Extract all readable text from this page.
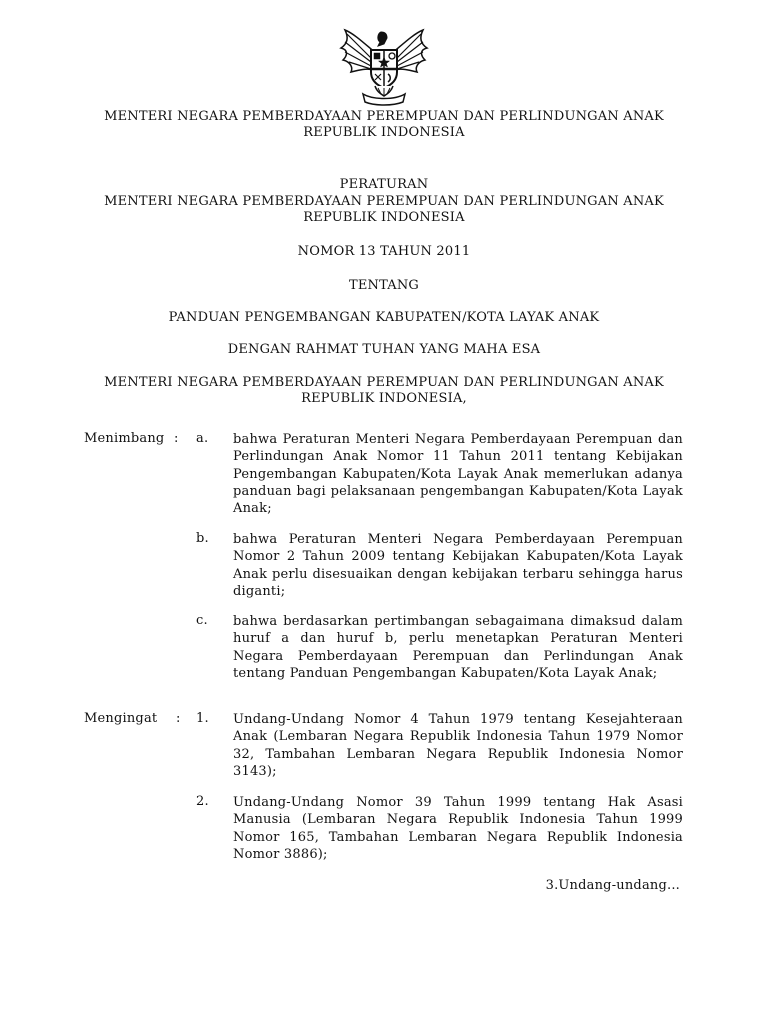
MENTERI NEGARA PEMBERDAYAAN PEREMPUAN DAN PERLINDUNGAN ANAK
REPUBLIK INDONESIA
PERATURAN
MENTERI NEGARA PEMBERDAYAAN PEREMPUAN DAN PERLINDUNGAN ANAK
REPUBLIK INDONESIA
NOMOR 13 TAHUN 2011
TENTANG
PANDUAN PENGEMBANGAN KABUPATEN/KOTA LAYAK ANAK
DENGAN RAHMAT TUHAN YANG MAHA ESA
MENTERI NEGARA PEMBERDAYAAN PEREMPUAN DAN PERLINDUNGAN ANAK
REPUBLIK INDONESIA,
Menimbang : a. bahwa Peraturan Menteri Negara Pemberdayaan Perempuan dan Perlindungan Anak Nomor 11 Tahun 2011 tentang Kebijakan Pengembangan Kabupaten/Kota Layak Anak memerlukan adanya panduan bagi pelaksanaan pengembangan Kabupaten/Kota Layak Anak;
b. bahwa Peraturan Menteri Negara Pemberdayaan Perempuan Nomor 2 Tahun 2009 tentang Kebijakan Kabupaten/Kota Layak Anak perlu disesuaikan dengan kebijakan terbaru sehingga harus diganti;
c. bahwa berdasarkan pertimbangan sebagaimana dimaksud dalam huruf a dan huruf b, perlu menetapkan Peraturan Menteri Negara Pemberdayaan Perempuan dan Perlindungan Anak tentang Panduan Pengembangan Kabupaten/Kota Layak Anak;
Mengingat : 1. Undang-Undang Nomor 4 Tahun 1979 tentang Kesejahteraan Anak (Lembaran Negara Republik Indonesia Tahun 1979 Nomor 32, Tambahan Lembaran Negara Republik Indonesia Nomor 3143);
2. Undang-Undang Nomor 39 Tahun 1999 tentang Hak Asasi Manusia (Lembaran Negara Republik Indonesia Tahun 1999 Nomor 165, Tambahan Lembaran Negara Republik Indonesia Nomor 3886);
3.Undang-undang...
